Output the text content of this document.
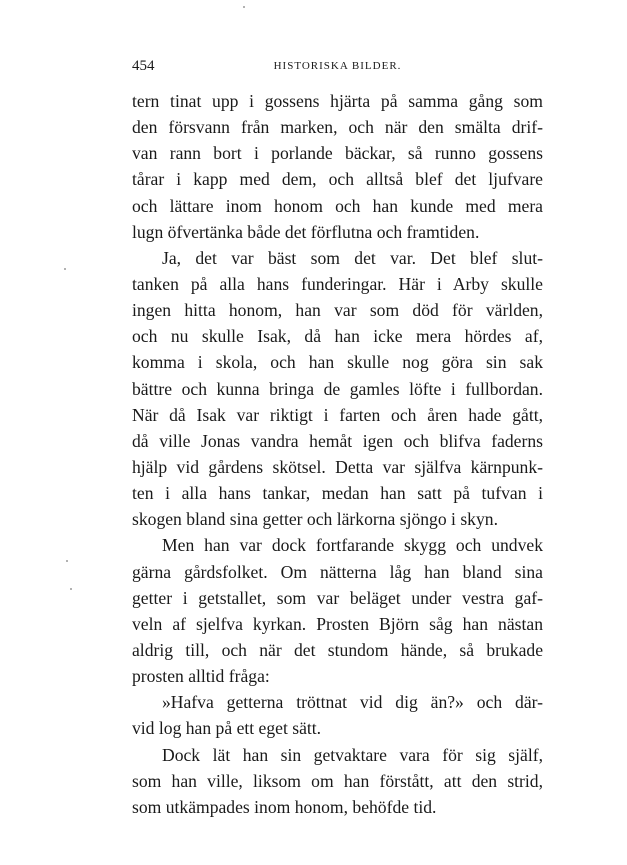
454	HISTORISKA BILDER.
tern tinat upp i gossens hjärta på samma gång som
den försvann från marken, och när den smälta drif-
van rann bort i porlande bäckar, så runno gossens
tårar i kapp med dem, och alltså blef det ljufvare
och lättare inom honom och han kunde med mera
lugn öfvertänka både det förflutna och framtiden.
Ja, det var bäst som det var. Det blef slut-
tanken på alla hans funderingar. Här i Arby skulle
ingen hitta honom, han var som död för världen,
och nu skulle Isak, då han icke mera hördes af,
komma i skola, och han skulle nog göra sin sak
bättre och kunna bringa de gamles löfte i fullbordan.
När då Isak var riktigt i farten och åren hade gått,
då ville Jonas vandra hemåt igen och blifva faderns
hjälp vid gårdens skötsel. Detta var själfva kärnpunk-
ten i alla hans tankar, medan han satt på tufvan i
skogen bland sina getter och lärkorna sjöngo i skyn.
Men han var dock fortfarande skygg och undvek
gärna gårdsfolket. Om nätterna låg han bland sina
getter i getstallet, som var beläget under vestra gaf-
veln af sjelfva kyrkan. Prosten Björn såg han nästan
aldrig till, och när det stundom hände, så brukade
prosten alltid fråga:
»Hafva getterna tröttnat vid dig än?» och där-
vid log han på ett eget sätt.
Dock lät han sin getvaktare vara för sig själf,
som han ville, liksom om han förstått, att den strid,
som utkämpades inom honom, behöfde tid.
